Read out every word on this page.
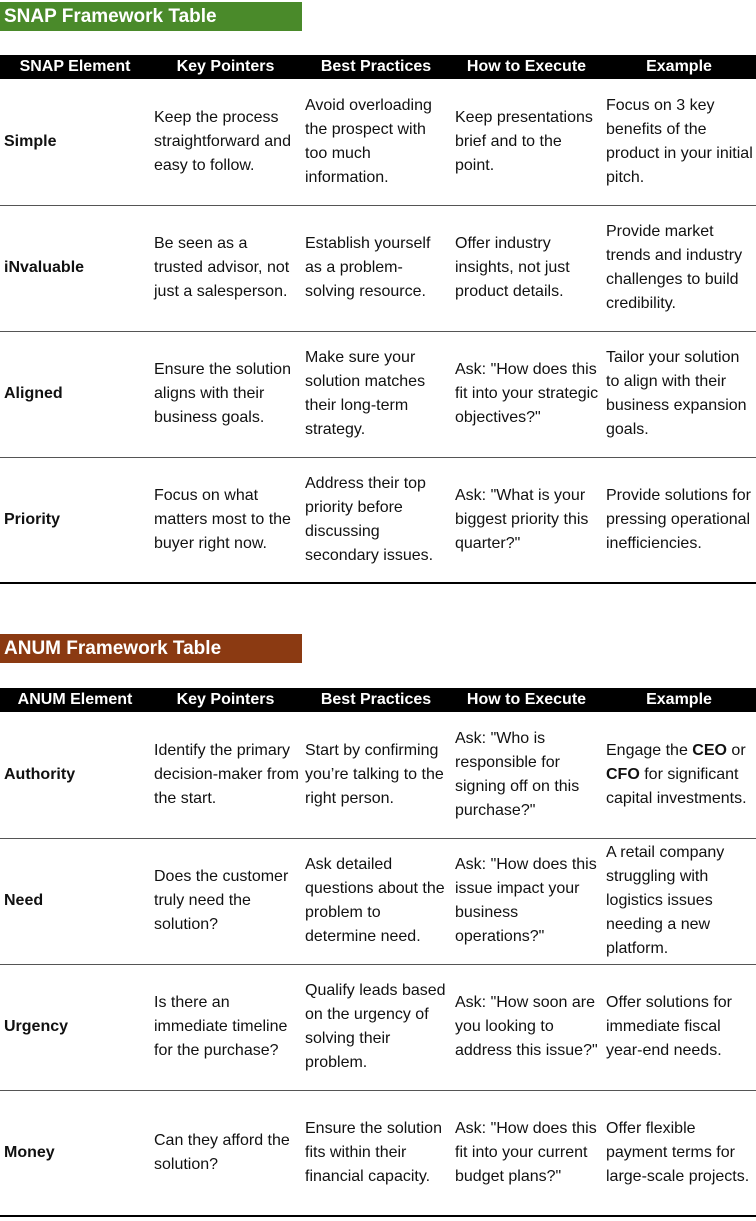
SNAP Framework Table
SNAP Element	Key Pointers	Best Practices	How to Execute	Example
Simple	Keep the process straightforward and easy to follow.	Avoid overloading the prospect with too much information.	Keep presentations brief and to the point.	Focus on 3 key benefits of the product in your initial pitch.
iNvaluable	Be seen as a trusted advisor, not just a salesperson.	Establish yourself as a problem-solving resource.	Offer industry insights, not just product details.	Provide market trends and industry challenges to build credibility.
Aligned	Ensure the solution aligns with their business goals.	Make sure your solution matches their long-term strategy.	Ask: "How does this fit into your strategic objectives?"	Tailor your solution to align with their business expansion goals.
Priority	Focus on what matters most to the buyer right now.	Address their top priority before discussing secondary issues.	Ask: "What is your biggest priority this quarter?"	Provide solutions for pressing operational inefficiencies.
ANUM Framework Table
ANUM Element	Key Pointers	Best Practices	How to Execute	Example
Authority	Identify the primary decision-maker from the start.	Start by confirming you’re talking to the right person.	Ask: "Who is responsible for signing off on this purchase?"	Engage the CEO or CFO for significant capital investments.
Need	Does the customer truly need the solution?	Ask detailed questions about the problem to determine need.	Ask: "How does this issue impact your business operations?"	A retail company struggling with logistics issues needing a new platform.
Urgency	Is there an immediate timeline for the purchase?	Qualify leads based on the urgency of solving their problem.	Ask: "How soon are you looking to address this issue?"	Offer solutions for immediate fiscal year-end needs.
Money	Can they afford the solution?	Ensure the solution fits within their financial capacity.	Ask: "How does this fit into your current budget plans?"	Offer flexible payment terms for large-scale projects.
